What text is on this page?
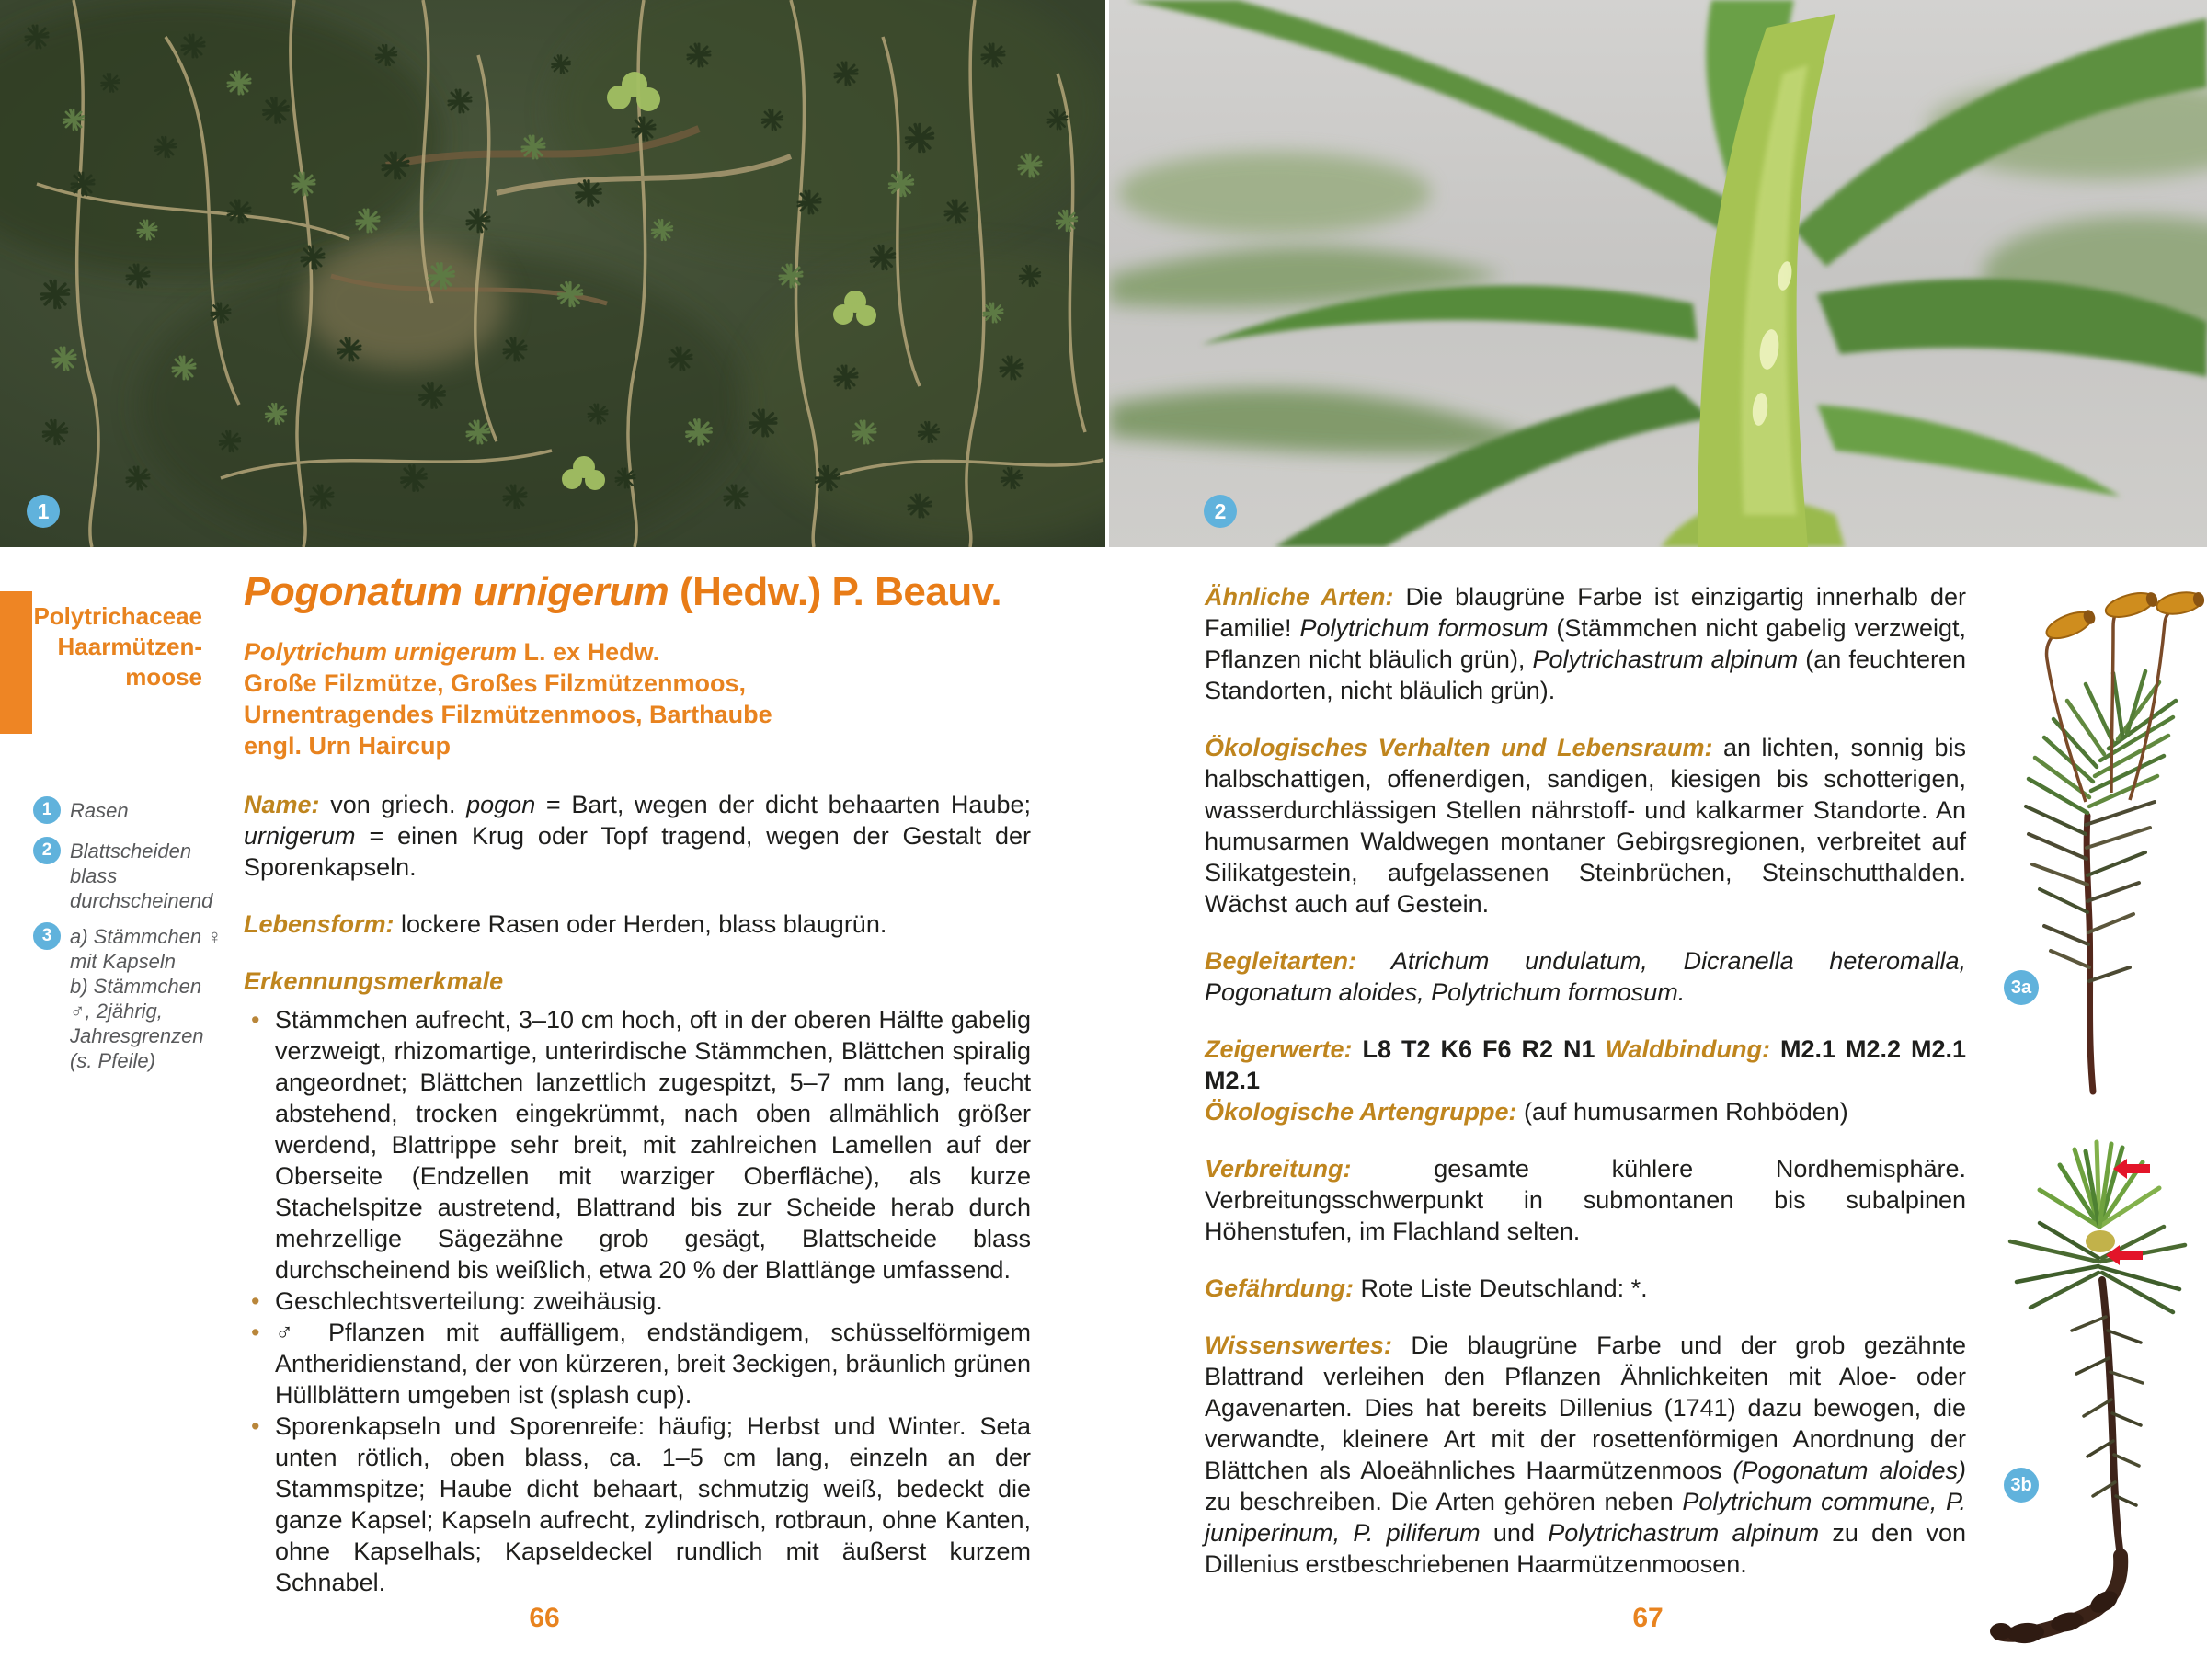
1	2
Polytrichaceae
Haarmützen-
moose
1 Rasen
2 Blattscheiden blass durchscheinend
3 a) Stämmchen ♀ mit Kapseln
b) Stämmchen ♂, 2jährig, Jahresgrenzen (s. Pfeile)
Pogonatum urnigerum (Hedw.) P. Beauv.

Polytrichum urnigerum L. ex Hedw.

Große Filzmütze, Großes Filzmützenmoos,

Urnentragendes Filzmützenmoos, Barthaube

engl. Urn Haircup

Name: von griech. pogon = Bart, wegen der dicht behaarten Haube; urnigerum = einen Krug oder Topf tragend, wegen der Gestalt der Sporenkapseln.

Lebensform: lockere Rasen oder Herden, blass blaugrün.

Erkennungsmerkmale
• Stämmchen aufrecht, 3–10 cm hoch, oft in der oberen Hälfte gabelig verzweigt, rhizomartige, unterirdische Stämmchen, Blättchen spiralig angeordnet; Blättchen lanzettlich zugespitzt, 5–7 mm lang, feucht abstehend, trocken eingekrümmt, nach oben allmählich größer werdend, Blattrippe sehr breit, mit zahlreichen Lamellen auf der Oberseite (Endzellen mit warziger Oberfläche), als kurze Stachelspitze austretend, Blattrand bis zur Scheide herab durch mehrzellige Sägezähne grob gesägt, Blattscheide blass durchscheinend bis weißlich, etwa 20 % der Blattlänge umfassend.
• Geschlechtsverteilung: zweihäusig.
• ♂ Pflanzen mit auffälligem, endständigem, schüsselförmigem Antheridienstand, der von kürzeren, breit 3eckigen, bräunlich grünen Hüllblättern umgeben ist (splash cup).
• Sporenkapseln und Sporenreife: häufig; Herbst und Winter. Seta unten rötlich, oben blass, ca. 1–5 cm lang, einzeln an der Stammspitze; Haube dicht behaart, schmutzig weiß, bedeckt die ganze Kapsel; Kapseln aufrecht, zylindrisch, rotbraun, ohne Kanten, ohne Kapselhals; Kapseldeckel rundlich mit äußerst kurzem Schnabel.
66

Ähnliche Arten: Die blaugrüne Farbe ist einzigartig innerhalb der Familie! Polytrichum formosum (Stämmchen nicht gabelig verzweigt, Pflanzen nicht bläulich grün), Polytrichastrum alpinum (an feuchteren Standorten, nicht bläulich grün).

Ökologisches Verhalten und Lebensraum: an lichten, sonnig bis halbschattigen, offenerdigen, sandigen, kiesigen bis schotterigen, wasserdurchlässigen Stellen nährstoff- und kalkarmer Standorte. An humusarmen Waldwegen montaner Gebirgsregionen, verbreitet auf Silikatgestein, aufgelassenen Steinbrüchen, Steinschutthalden. Wächst auch auf Gestein.

Begleitarten: Atrichum undulatum, Dicranella heteromalla, Pogonatum aloides, Polytrichum formosum.

Zeigerwerte: L8 T2 K6 F6 R2 N1 Waldbindung: M2.1 M2.2 M2.1 M2.1

Ökologische Artengruppe: (auf humusarmen Rohböden)

Verbreitung: gesamte kühlere Nordhemisphäre. Verbreitungsschwerpunkt in submontanen bis subalpinen Höhenstufen, im Flachland selten.

Gefährdung: Rote Liste Deutschland: *.

Wissenswertes: Die blaugrüne Farbe und der grob gezähnte Blattrand verleihen den Pflanzen Ähnlichkeiten mit Aloe- oder Agavenarten. Dies hat bereits Dillenius (1741) dazu bewogen, die verwandte, kleinere Art mit der rosettenförmigen Anordnung der Blättchen als Aloeähnliches Haarmützenmoos (Pogonatum aloides) zu beschreiben. Die Arten gehören neben Polytrichum commune, P. juniperinum, P. piliferum und Polytrichastrum alpinum zu den von Dillenius erstbeschriebenen Haarmützenmoosen.

67
3a
3b
